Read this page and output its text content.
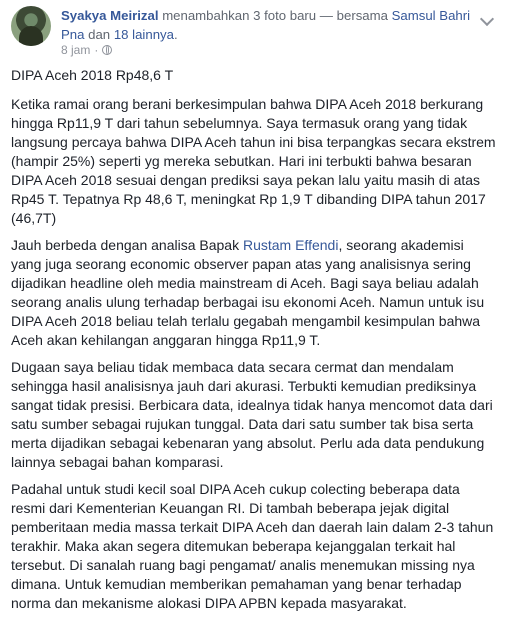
Syakya Meirizal menambahkan 3 foto baru — bersama Samsul Bahri Pna dan 18 lainnya.
8 jam ·

DIPA Aceh 2018 Rp48,6 T

Ketika ramai orang berani berkesimpulan bahwa DIPA Aceh 2018 berkurang hingga Rp11,9 T dari tahun sebelumnya. Saya termasuk orang yang tidak langsung percaya bahwa DIPA Aceh tahun ini bisa terpangkas secara ekstrem (hampir 25%) seperti yg mereka sebutkan. Hari ini terbukti bahwa besaran DIPA Aceh 2018 sesuai dengan prediksi saya pekan lalu yaitu masih di atas Rp45 T. Tepatnya Rp 48,6 T, meningkat Rp 1,9 T dibanding DIPA tahun 2017 (46,7T)

Jauh berbeda dengan analisa Bapak Rustam Effendi, seorang akademisi yang juga seorang economic observer papan atas yang analisisnya sering dijadikan headline oleh media mainstream di Aceh. Bagi saya beliau adalah seorang analis ulung terhadap berbagai isu ekonomi Aceh. Namun untuk isu DIPA Aceh 2018 beliau telah terlalu gegabah mengambil kesimpulan bahwa Aceh akan kehilangan anggaran hingga Rp11,9 T.

Dugaan saya beliau tidak membaca data secara cermat dan mendalam sehingga hasil analisisnya jauh dari akurasi. Terbukti kemudian prediksinya sangat tidak presisi. Berbicara data, idealnya tidak hanya mencomot data dari satu sumber sebagai rujukan tunggal. Data dari satu sumber tak bisa serta merta dijadikan sebagai kebenaran yang absolut. Perlu ada data pendukung lainnya sebagai bahan komparasi.

Padahal untuk studi kecil soal DIPA Aceh cukup colecting beberapa data resmi dari Kementerian Keuangan RI. Di tambah beberapa jejak digital pemberitaan media massa terkait DIPA Aceh dan daerah lain dalam 2-3 tahun terakhir. Maka akan segera ditemukan beberapa kejanggalan terkait hal tersebut. Di sanalah ruang bagi pengamat/ analis menemukan missing nya dimana. Untuk kemudian memberikan pemahaman yang benar terhadap norma dan mekanisme alokasi DIPA APBN kepada masyarakat.
